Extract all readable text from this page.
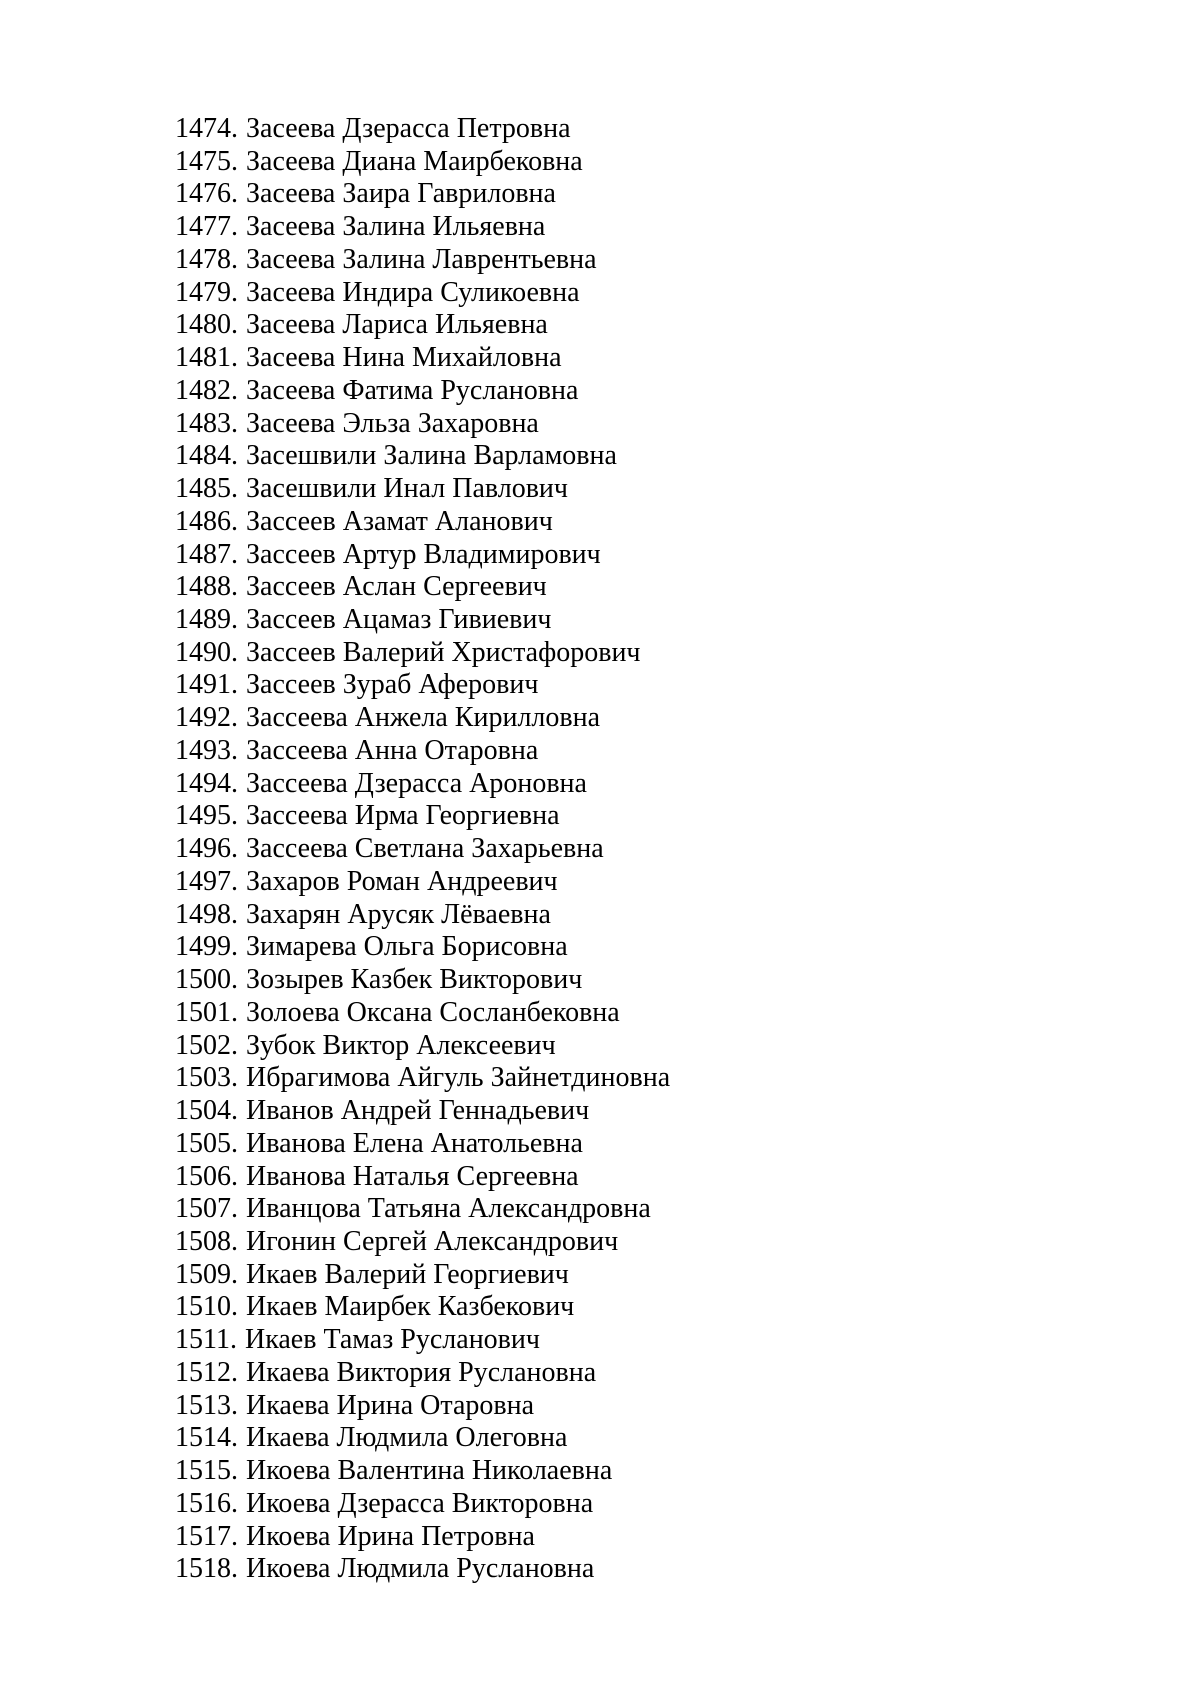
1474. Засеева Дзерасса Петровна
1475. Засеева Диана Маирбековна
1476. Засеева Заира Гавриловна
1477. Засеева Залина Ильяевна
1478. Засеева Залина Лаврентьевна
1479. Засеева Индира Суликоевна
1480. Засеева Лариса Ильяевна
1481. Засеева Нина Михайловна
1482. Засеева Фатима Руслановна
1483. Засеева Эльза Захаровна
1484. Засешвили Залина Варламовна
1485. Засешвили Инал Павлович
1486. Зассеев Азамат Аланович
1487. Зассеев Артур Владимирович
1488. Зассеев Аслан Сергеевич
1489. Зассеев Ацамаз Гивиевич
1490. Зассеев Валерий Христафорович
1491. Зассеев Зураб Аферович
1492. Зассеева Анжела Кирилловна
1493. Зассеева Анна Отаровна
1494. Зассеева Дзерасса Ароновна
1495. Зассеева Ирма Георгиевна
1496. Зассеева Светлана Захарьевна
1497. Захаров Роман Андреевич
1498. Захарян Арусяк Лёваевна
1499. Зимарева Ольга Борисовна
1500. Зозырев Казбек Викторович
1501. Золоева Оксана Сосланбековна
1502. Зубок Виктор Алексеевич
1503. Ибрагимова Айгуль Зайнетдиновна
1504. Иванов Андрей Геннадьевич
1505. Иванова Елена Анатольевна
1506. Иванова Наталья Сергеевна
1507. Иванцова Татьяна Александровна
1508. Игонин Сергей Александрович
1509. Икаев Валерий Георгиевич
1510. Икаев Маирбек Казбекович
1511. Икаев Тамаз Русланович
1512. Икаева Виктория Руслановна
1513. Икаева Ирина Отаровна
1514. Икаева Людмила Олеговна
1515. Икоева Валентина Николаевна
1516. Икоева Дзерасса Викторовна
1517. Икоева Ирина Петровна
1518. Икоева Людмила Руслановна
